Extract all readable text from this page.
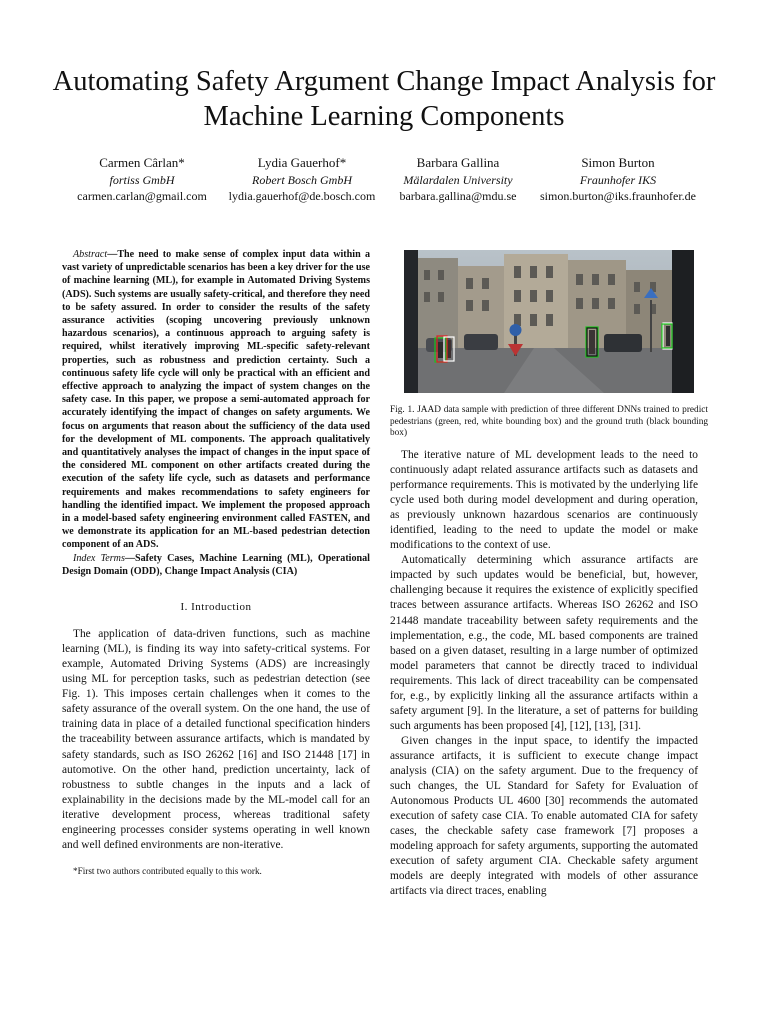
Automating Safety Argument Change Impact Analysis for Machine Learning Components
Carmen Cârlan*
fortiss GmbH
carmen.carlan@gmail.com
Lydia Gauerhof*
Robert Bosch GmbH
lydia.gauerhof@de.bosch.com
Barbara Gallina
Mälardalen University
barbara.gallina@mdu.se
Simon Burton
Fraunhofer IKS
simon.burton@iks.fraunhofer.de

Abstract—The need to make sense of complex input data within a vast variety of unpredictable scenarios has been a key driver for the use of machine learning (ML), for example in Automated Driving Systems (ADS). Such systems are usually safety-critical, and therefore they need to be safety assured. In order to consider the results of the safety assurance activities (scoping uncovering previously unknown hazardous scenarios), a continuous approach to arguing safety is required, whilst iteratively improving ML-specific safety-relevant properties, such as robustness and prediction certainty. Such a continuous safety life cycle will only be practical with an efficient and effective approach to analyzing the impact of system changes on the safety case. In this paper, we propose a semi-automated approach for accurately identifying the impact of changes on safety arguments. We focus on arguments that reason about the sufficiency of the data used for the development of ML components. The approach qualitatively and quantitatively analyses the impact of changes in the input space of the considered ML component on other artifacts created during the execution of the safety life cycle, such as datasets and performance requirements and makes recommendations to safety engineers for handling the identified impact. We implement the proposed approach in a model-based safety engineering environment called FASTEN, and we demonstrate its application for an ML-based pedestrian detection component of an ADS.

Index Terms—Safety Cases, Machine Learning (ML), Operational Design Domain (ODD), Change Impact Analysis (CIA)

I. Introduction

The application of data-driven functions, such as machine learning (ML), is finding its way into safety-critical systems. For example, Automated Driving Systems (ADS) are increasingly using ML for perception tasks, such as pedestrian detection (see Fig. 1). This imposes certain challenges when it comes to the safety assurance of the overall system. On the one hand, the use of training data in place of a detailed functional specification hinders the traceability between assurance artifacts, which is mandated by safety standards, such as ISO 26262 [16] and ISO 21448 [17] in automotive. On the other hand, prediction uncertainty, lack of robustness to subtle changes in the inputs and a lack of explainability in the decisions made by the ML-model call for an iterative development process, whereas traditional safety engineering processes consider systems operating in well known and well defined environments are non-iterative.

*First two authors contributed equally to this work.

Fig. 1. JAAD data sample with prediction of three different DNNs trained to predict pedestrians (green, red, white bounding box) and the ground truth (black bounding box)

The iterative nature of ML development leads to the need to continuously adapt related assurance artifacts such as datasets and performance requirements. This is motivated by the underlying life cycle used both during model development and during operation, as previously unknown hazardous scenarios are continuously identified, leading to the need to update the model or make modifications to the context of use.

Automatically determining which assurance artifacts are impacted by such updates would be beneficial, but, however, challenging because it requires the existence of explicitly specified traces between assurance artifacts. Whereas ISO 26262 and ISO 21448 mandate traceability between safety requirements and the implementation, e.g., the code, ML based components are trained based on a given dataset, resulting in a large number of optimized model parameters that cannot be directly traced to individual requirements. This lack of direct traceability can be compensated for, e.g., by explicitly linking all the assurance artifacts within a safety argument [9]. In the literature, a set of patterns for building such arguments has been proposed [4], [12], [13], [31].

Given changes in the input space, to identify the impacted assurance artifacts, it is sufficient to execute change impact analysis (CIA) on the safety argument. Due to the frequency of such changes, the UL Standard for Safety for Evaluation of Autonomous Products UL 4600 [30] recommends the automated execution of safety case CIA. To enable automated CIA for safety cases, the checkable safety case framework [7] proposes a modeling approach for safety arguments, supporting the automated execution of safety argument CIA. Checkable safety argument models are deeply integrated with models of other assurance artifacts via direct traces, enabling
